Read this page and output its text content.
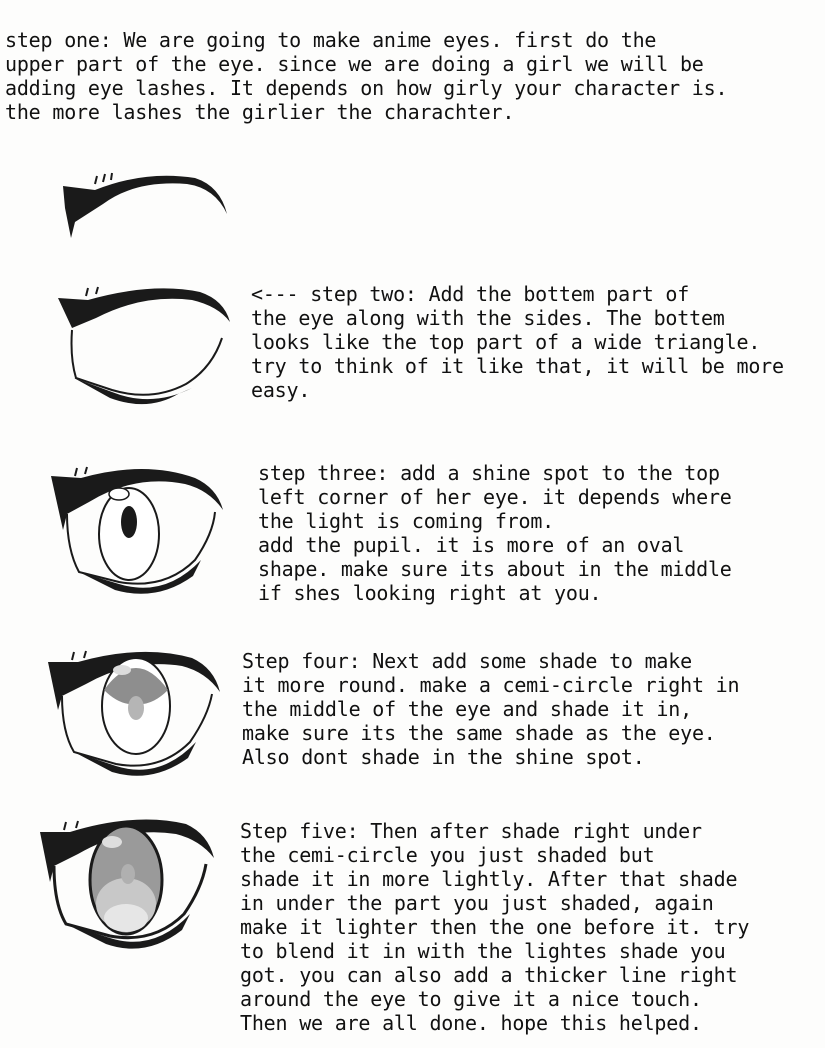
step one: We are going to make anime eyes. first do the
upper part of the eye. since we are doing a girl we will be
adding eye lashes. It depends on how girly your character is.
the more lashes the girlier the charachter.

<--- step two: Add the bottem part of
the eye along with the sides. The bottem
looks like the top part of a wide triangle.
try to think of it like that, it will be more
easy.

step three: add a shine spot to the top
left corner of her eye. it depends where
the light is coming from.
add the pupil. it is more of an oval
shape. make sure its about in the middle
if shes looking right at you.

Step four: Next add some shade to make
it more round. make a cemi-circle right in
the middle of the eye and shade it in,
make sure its the same shade as the eye.
Also dont shade in the shine spot.

Step five: Then after shade right under
the cemi-circle you just shaded but
shade it in more lightly. After that shade
in under the part you just shaded, again
make it lighter then the one before it. try
to blend it in with the lightes shade you
got. you can also add a thicker line right
around the eye to give it a nice touch.
Then we are all done. hope this helped.
